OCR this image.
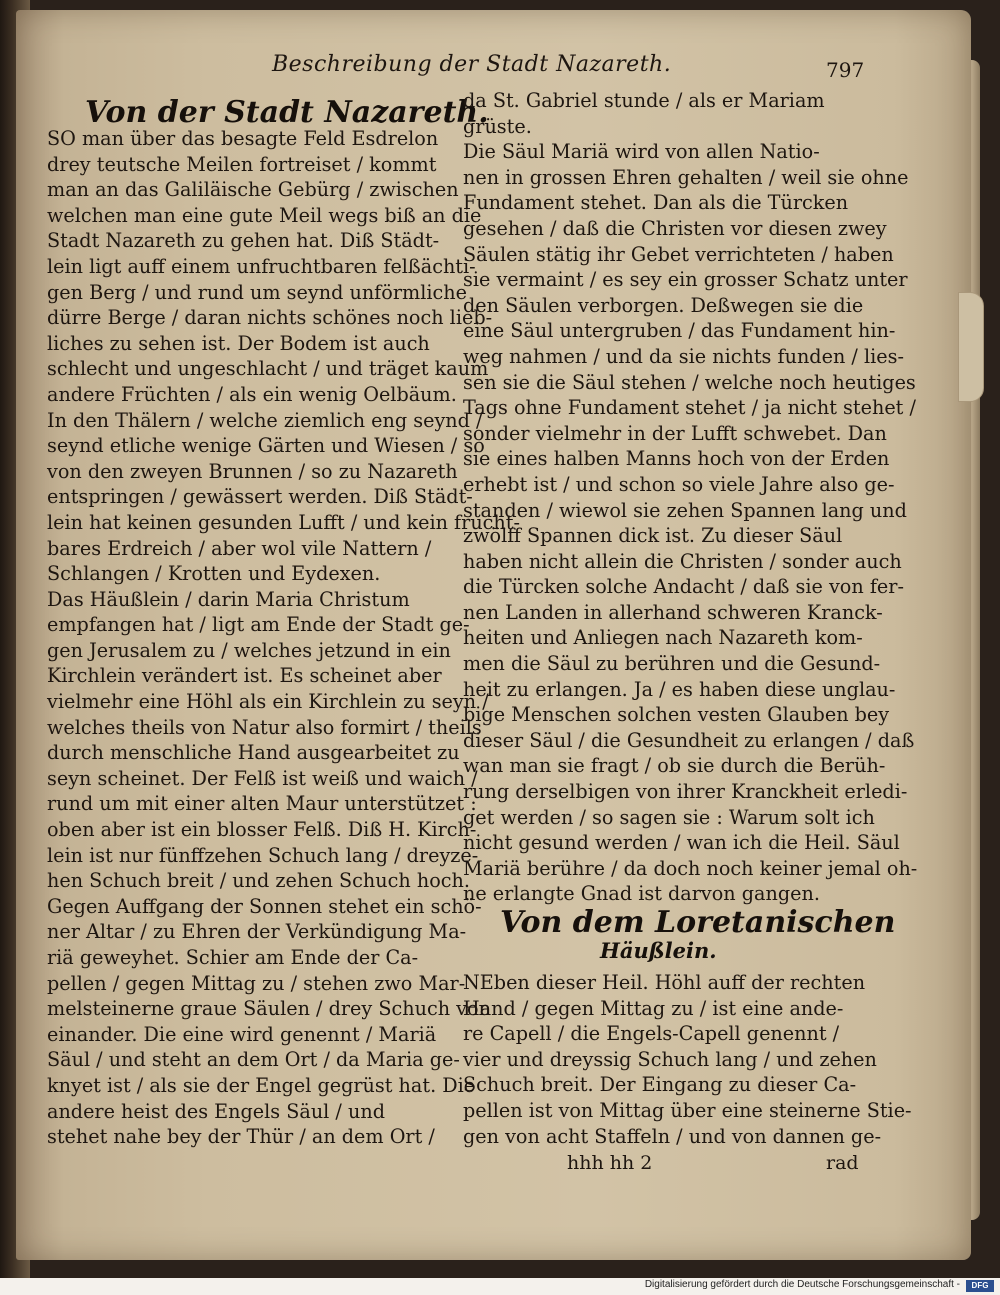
Beschreibung der Stadt Nazareth.	797
Von der Stadt Nazareth.
SO man über das besagte Feld Esdrelon
drey teutsche Meilen fortreiset / kommt
man an das Galiläische Gebürg / zwischen
welchen man eine gute Meil wegs biß an die
Stadt Nazareth zu gehen hat. Diß Städt-
lein ligt auff einem unfruchtbaren felßächti-
gen Berg / und rund um seynd unförmliche
dürre Berge / daran nichts schönes noch lieb-
liches zu sehen ist. Der Bodem ist auch
schlecht und ungeschlacht / und träget kaum
andere Früchten / als ein wenig Oelbäum.
In den Thälern / welche ziemlich eng seynd /
seynd etliche wenige Gärten und Wiesen / so
von den zweyen Brunnen / so zu Nazareth
entspringen / gewässert werden. Diß Städt-
lein hat keinen gesunden Lufft / und kein frucht-
bares Erdreich / aber wol vile Nattern /
Schlangen / Krotten und Eydexen.
Das Häußlein / darin Maria Christum
empfangen hat / ligt am Ende der Stadt ge-
gen Jerusalem zu / welches jetzund in ein
Kirchlein verändert ist. Es scheinet aber
vielmehr eine Höhl als ein Kirchlein zu seyn /
welches theils von Natur also formirt / theils
durch menschliche Hand ausgearbeitet zu
seyn scheinet. Der Felß ist weiß und waich /
rund um mit einer alten Maur unterstützet :
oben aber ist ein blosser Felß. Diß H. Kirch-
lein ist nur fünffzehen Schuch lang / dreyze-
hen Schuch breit / und zehen Schuch hoch.
Gegen Auffgang der Sonnen stehet ein schö-
ner Altar / zu Ehren der Verkündigung Ma-
riä geweyhet. Schier am Ende der Ca-
pellen / gegen Mittag zu / stehen zwo Mar-
melsteinerne graue Säulen / drey Schuch von
einander. Die eine wird genennt / Mariä
Säul / und steht an dem Ort / da Maria ge-
knyet ist / als sie der Engel gegrüst hat. Die
andere heist des Engels Säul / und
stehet nahe bey der Thür / an dem Ort /
da St. Gabriel stunde / als er Mariam
grüste.
Die Säul Mariä wird von allen Natio-
nen in grossen Ehren gehalten / weil sie ohne
Fundament stehet. Dan als die Türcken
gesehen / daß die Christen vor diesen zwey
Säulen stätig ihr Gebet verrichteten / haben
sie vermaint / es sey ein grosser Schatz unter
den Säulen verborgen. Deßwegen sie die
eine Säul untergruben / das Fundament hin-
weg nahmen / und da sie nichts funden / lies-
sen sie die Säul stehen / welche noch heutiges
Tags ohne Fundament stehet / ja nicht stehet /
sonder vielmehr in der Lufft schwebet. Dan
sie eines halben Manns hoch von der Erden
erhebt ist / und schon so viele Jahre also ge-
standen / wiewol sie zehen Spannen lang und
zwölff Spannen dick ist. Zu dieser Säul
haben nicht allein die Christen / sonder auch
die Türcken solche Andacht / daß sie von fer-
nen Landen in allerhand schweren Kranck-
heiten und Anliegen nach Nazareth kom-
men die Säul zu berühren und die Gesund-
heit zu erlangen. Ja / es haben diese unglau-
bige Menschen solchen vesten Glauben bey
dieser Säul / die Gesundheit zu erlangen / daß
wan man sie fragt / ob sie durch die Berüh-
rung derselbigen von ihrer Kranckheit erledi-
get werden / so sagen sie : Warum solt ich
nicht gesund werden / wan ich die Heil. Säul
Mariä berühre / da doch noch keiner jemal oh-
ne erlangte Gnad ist darvon gangen.
Von dem Loretanischen
Häußlein.
NEben dieser Heil. Höhl auff der rechten
Hand / gegen Mittag zu / ist eine ande-
re Capell / die Engels-Capell genennt /
vier und dreyssig Schuch lang / und zehen
Schuch breit. Der Eingang zu dieser Ca-
pellen ist von Mittag über eine steinerne Stie-
gen von acht Staffeln / und von dannen ge-
hhh hh 2	rad
Digitalisierung gefördert durch die Deutsche Forschungsgemeinschaft -	DFG
